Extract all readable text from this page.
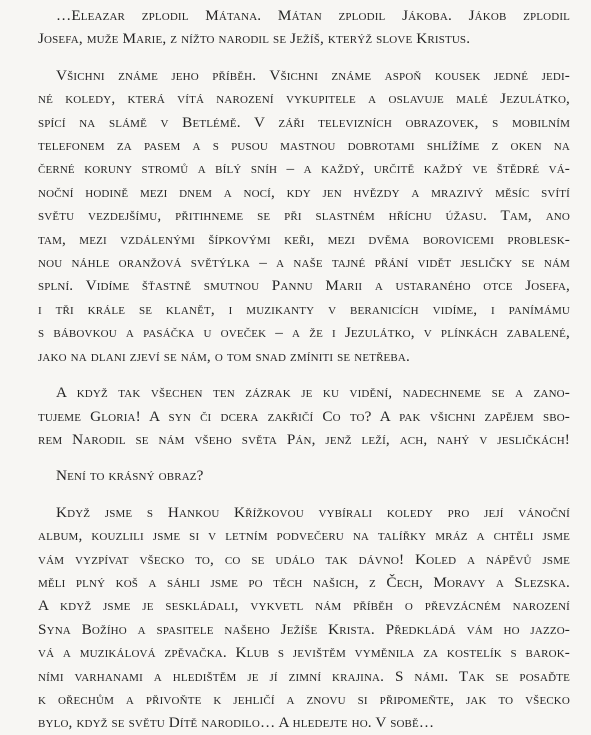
…Eleazar zplodil Mátana. Mátan zplodil Jákoba. Jákob zplodil
Josefa, muže Marie, z nížto narodil se Ježíš, kterýž slove Kristus.
Všichni známe jeho příběh. Všichni známe aspoň kousek jedné jedi-
né koledy, která vítá narození vykupitele a oslavuje malé Jezulátko,
spící na slámě v Betlémě. V záři televizních obrazovek, s mobilním
telefonem za pasem a s pusou mastnou dobrotami shlížíme z oken na
černé koruny stromů a bílý sníh – a každý, určitě každý ve štědré vá-
noční hodině mezi dnem a nocí, kdy jen hvězdy a mrazivý měsíc svítí
světu vezdejšímu, přitihneme se při slastném hříchu úžasu. Tam, ano
tam, mezi vzdálenými šípkovými keři, mezi dvěma borovicemi problesk-
nou náhle oranžová světýlka – a naše tajné přání vidět jesličky se nám
splní. Vidíme šťastně smutnou Pannu Marii a ustaraného otce Josefa,
i tři krále se klanět, i muzikanty v beranicích vidíme, i panímámu
s bábovkou a pasáčka u oveček – a že i Jezulátko, v plínkách zabalené,
jako na dlani zjeví se nám, o tom snad zmíniti se netřeba.
A když tak všechen ten zázrak je ku vidění, nadechneme se a zano-
tujeme Gloria! A syn či dcera zakřičí Co to? A pak všichni zapějem sbo-
rem Narodil se nám všeho světa Pán, jenž leží, ach, nahý v jesličkách!
Není to krásný obraz?
Když jsme s Hankou Křížkovou vybírali koledy pro její vánoční
album, kouzlili jsme si v letním podvečeru na talířky mráz a chtěli jsme
vám vyzpívat všecko to, co se událo tak dávno! Koled a nápěvů jsme
měli plný koš a sáhli jsme po těch našich, z Čech, Moravy a Slezska.
A když jsme je seskládali, vykvetl nám příběh o převzácném narození
Syna Božího a spasitele našeho Ježíše Krista. Předkládá vám ho jazzo-
vá a muzikálová zpěvačka. Klub s jevištěm vyměnila za kostelík s barok-
ními varhanami a hledištěm je jí zimní krajina. S námi. Tak se posaďte
k ořechům a přivoňte k jehličí a znovu si připomeňte, jak to všecko
bylo, když se světu Dítě narodilo… A hledejte ho. V sobě…
